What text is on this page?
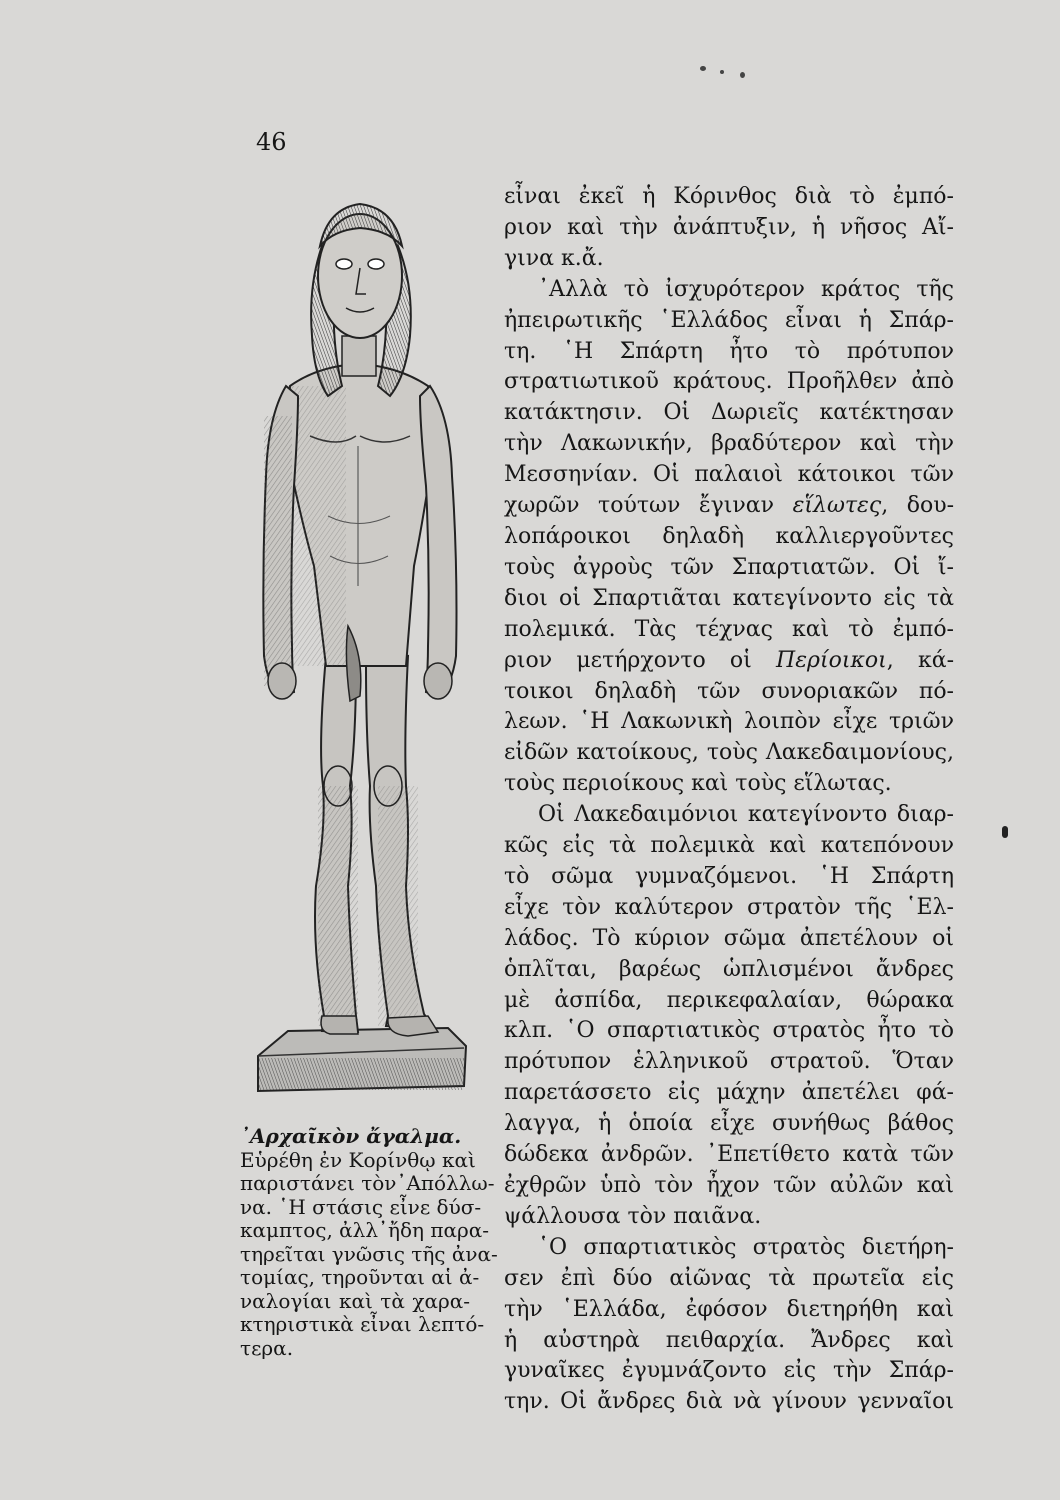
46
᾿Αρχαῖκὸν ἄγαλμα.
Εὑρέθη ἐν Κορίνθῳ καὶ
παριστάνει τὸν᾿Απόλλω-
να. ῾Η στάσις εἶνε δύσ-
καμπτος, ἀλλ᾿ἤδη παρα-
τηρεῖται γνῶσις τῆς ἀνα-
τομίας, τηροῦνται αἱ ἀ-
ναλογίαι καὶ τὰ χαρα-
κτηριστικὰ εἶναι λεπτό-
τερα.
εἶναι ἐκεῖ ἡ Κόρινθος διὰ τὸ ἐμπό-
ριον καὶ τὴν ἀνάπτυξιν, ἡ νῆσος Αἴ-
γινα κ.ἄ.
᾿Αλλὰ τὸ ἰσχυρότερον κράτος τῆς
ἠπειρωτικῆς ῾Ελλάδος εἶναι ἡ Σπάρ-
τη. ῾Η Σπάρτη ἦτο τὸ πρότυπον
στρατιωτικοῦ κράτους. Προῆλθεν ἀπὸ
κατάκτησιν. Οἱ Δωριεῖς κατέκτησαν
τὴν Λακωνικήν, βραδύτερον καὶ τὴν
Μεσσηνίαν. Οἱ παλαιοὶ κάτοικοι τῶν
χωρῶν τούτων ἔγιναν εἵλωτες, δου-
λοπάροικοι δηλαδὴ καλλιεργοῦντες
τοὺς ἀγροὺς τῶν Σπαρτιατῶν. Οἱ ἴ-
διοι οἱ Σπαρτιᾶται κατεγίνοντο εἰς τὰ
πολεμικά. Τὰς τέχνας καὶ τὸ ἐμπό-
ριον μετήρχοντο οἱ Περίοικοι, κά-
τοικοι δηλαδὴ τῶν συνοριακῶν πό-
λεων. ῾Η Λακωνικὴ λοιπὸν εἶχε τριῶν
εἰδῶν κατοίκους, τοὺς Λακεδαιμονίους,
τοὺς περιοίκους καὶ τοὺς εἵλωτας.
Οἱ Λακεδαιμόνιοι κατεγίνοντο διαρ-
κῶς εἰς τὰ πολεμικὰ καὶ κατεπόνουν
τὸ σῶμα γυμναζόμενοι. ῾Η Σπάρτη
εἶχε τὸν καλύτερον στρατὸν τῆς ῾Ελ-
λάδος. Τὸ κύριον σῶμα ἀπετέλουν οἱ
ὁπλῖται, βαρέως ὡπλισμένοι ἄνδρες
μὲ ἀσπίδα, περικεφαλαίαν, θώρακα
κλπ. ῾Ο σπαρτιατικὸς στρατὸς ἦτο τὸ
πρότυπον ἑλληνικοῦ στρατοῦ. Ὅταν
παρετάσσετο εἰς μάχην ἀπετέλει φά-
λαγγα, ἡ ὁποία εἶχε συνήθως βάθος
δώδεκα ἀνδρῶν. ᾿Επετίθετο κατὰ τῶν
ἐχθρῶν ὑπὸ τὸν ἦχον τῶν αὐλῶν καὶ
ψάλλουσα τὸν παιᾶνα.
῾Ο σπαρτιατικὸς στρατὸς διετήρη-
σεν ἐπὶ δύο αἰῶνας τὰ πρωτεῖα εἰς
τὴν ῾Ελλάδα, ἐφόσον διετηρήθη καὶ
ἡ αὐστηρὰ πειθαρχία. Ἄνδρες καὶ
γυναῖκες ἐγυμνάζοντο εἰς τὴν Σπάρ-
την. Οἱ ἄνδρες διὰ νὰ γίνουν γενναῖοι
